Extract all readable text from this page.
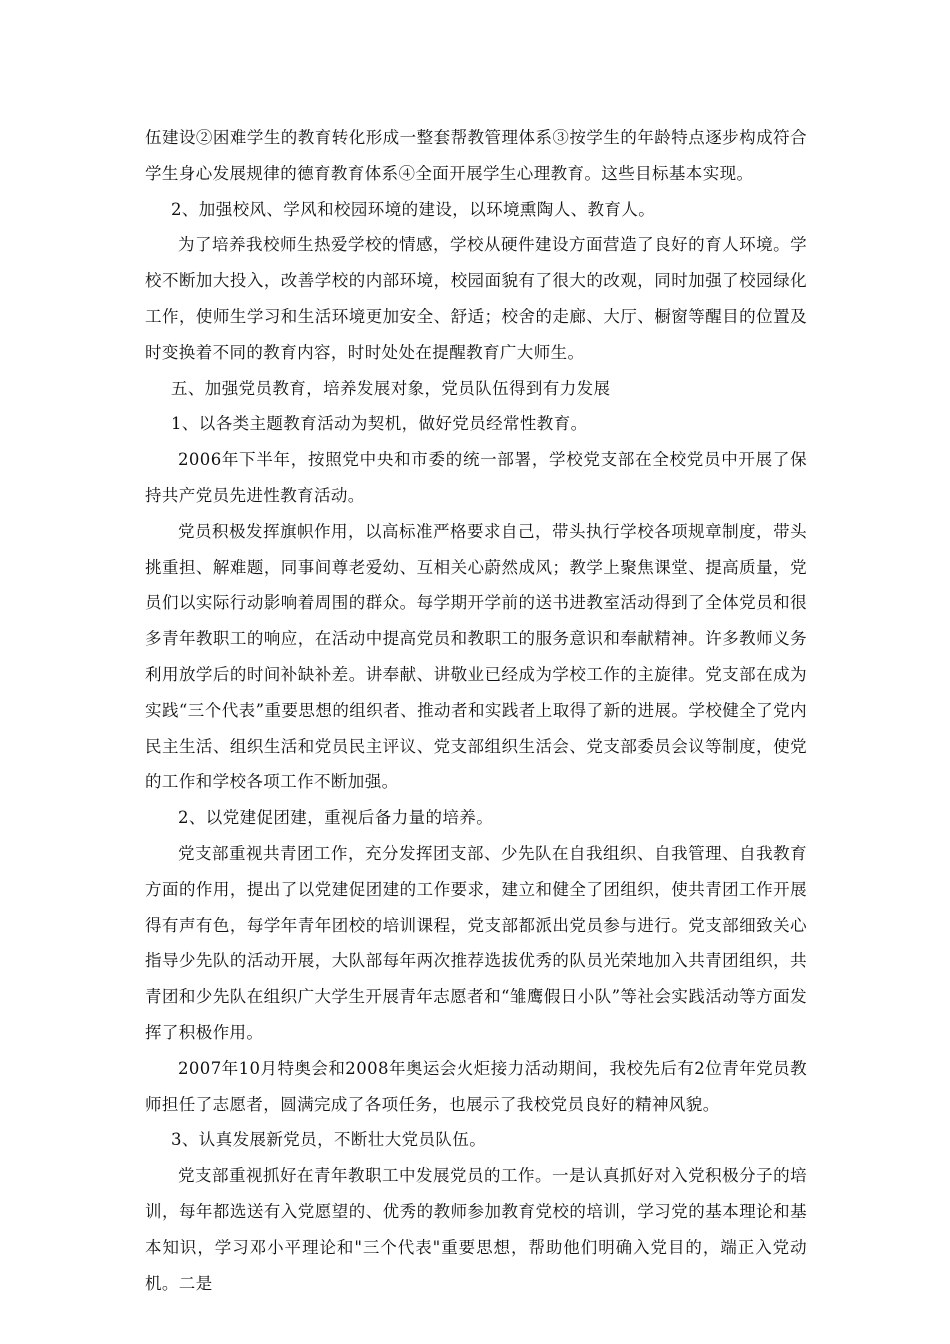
伍建设②困难学生的教育转化形成一整套帮教管理体系③按学生的年龄特点逐步构成符合学生身心发展规律的德育教育体系④全面开展学生心理教育。这些目标基本实现。

2、加强校风、学风和校园环境的建设，以环境熏陶人、教育人。

为了培养我校师生热爱学校的情感，学校从硬件建设方面营造了良好的育人环境。学校不断加大投入，改善学校的内部环境，校园面貌有了很大的改观，同时加强了校园绿化工作，使师生学习和生活环境更加安全、舒适；校舍的走廊、大厅、橱窗等醒目的位置及时变换着不同的教育内容，时时处处在提醒教育广大师生。

五、加强党员教育，培养发展对象，党员队伍得到有力发展

1、以各类主题教育活动为契机，做好党员经常性教育。

2006年下半年，按照党中央和市委的统一部署，学校党支部在全校党员中开展了保持共产党员先进性教育活动。

党员积极发挥旗帜作用，以高标准严格要求自己，带头执行学校各项规章制度，带头挑重担、解难题，同事间尊老爱幼、互相关心蔚然成风；教学上聚焦课堂、提高质量，党员们以实际行动影响着周围的群众。每学期开学前的送书进教室活动得到了全体党员和很多青年教职工的响应，在活动中提高党员和教职工的服务意识和奉献精神。许多教师义务利用放学后的时间补缺补差。讲奉献、讲敬业已经成为学校工作的主旋律。党支部在成为实践“三个代表”重要思想的组织者、推动者和实践者上取得了新的进展。学校健全了党内民主生活、组织生活和党员民主评议、党支部组织生活会、党支部委员会议等制度，使党的工作和学校各项工作不断加强。

2、以党建促团建，重视后备力量的培养。

党支部重视共青团工作，充分发挥团支部、少先队在自我组织、自我管理、自我教育方面的作用，提出了以党建促团建的工作要求，建立和健全了团组织，使共青团工作开展得有声有色，每学年青年团校的培训课程，党支部都派出党员参与进行。党支部细致关心指导少先队的活动开展，大队部每年两次推荐选拔优秀的队员光荣地加入共青团组织，共青团和少先队在组织广大学生开展青年志愿者和“雏鹰假日小队”等社会实践活动等方面发挥了积极作用。

2007年10月特奥会和2008年奥运会火炬接力活动期间，我校先后有2位青年党员教师担任了志愿者，圆满完成了各项任务，也展示了我校党员良好的精神风貌。

3、认真发展新党员，不断壮大党员队伍。

党支部重视抓好在青年教职工中发展党员的工作。一是认真抓好对入党积极分子的培训，每年都选送有入党愿望的、优秀的教师参加教育党校的培训，学习党的基本理论和基本知识，学习邓小平理论和"三个代表"重要思想，帮助他们明确入党目的，端正入党动机。二是
